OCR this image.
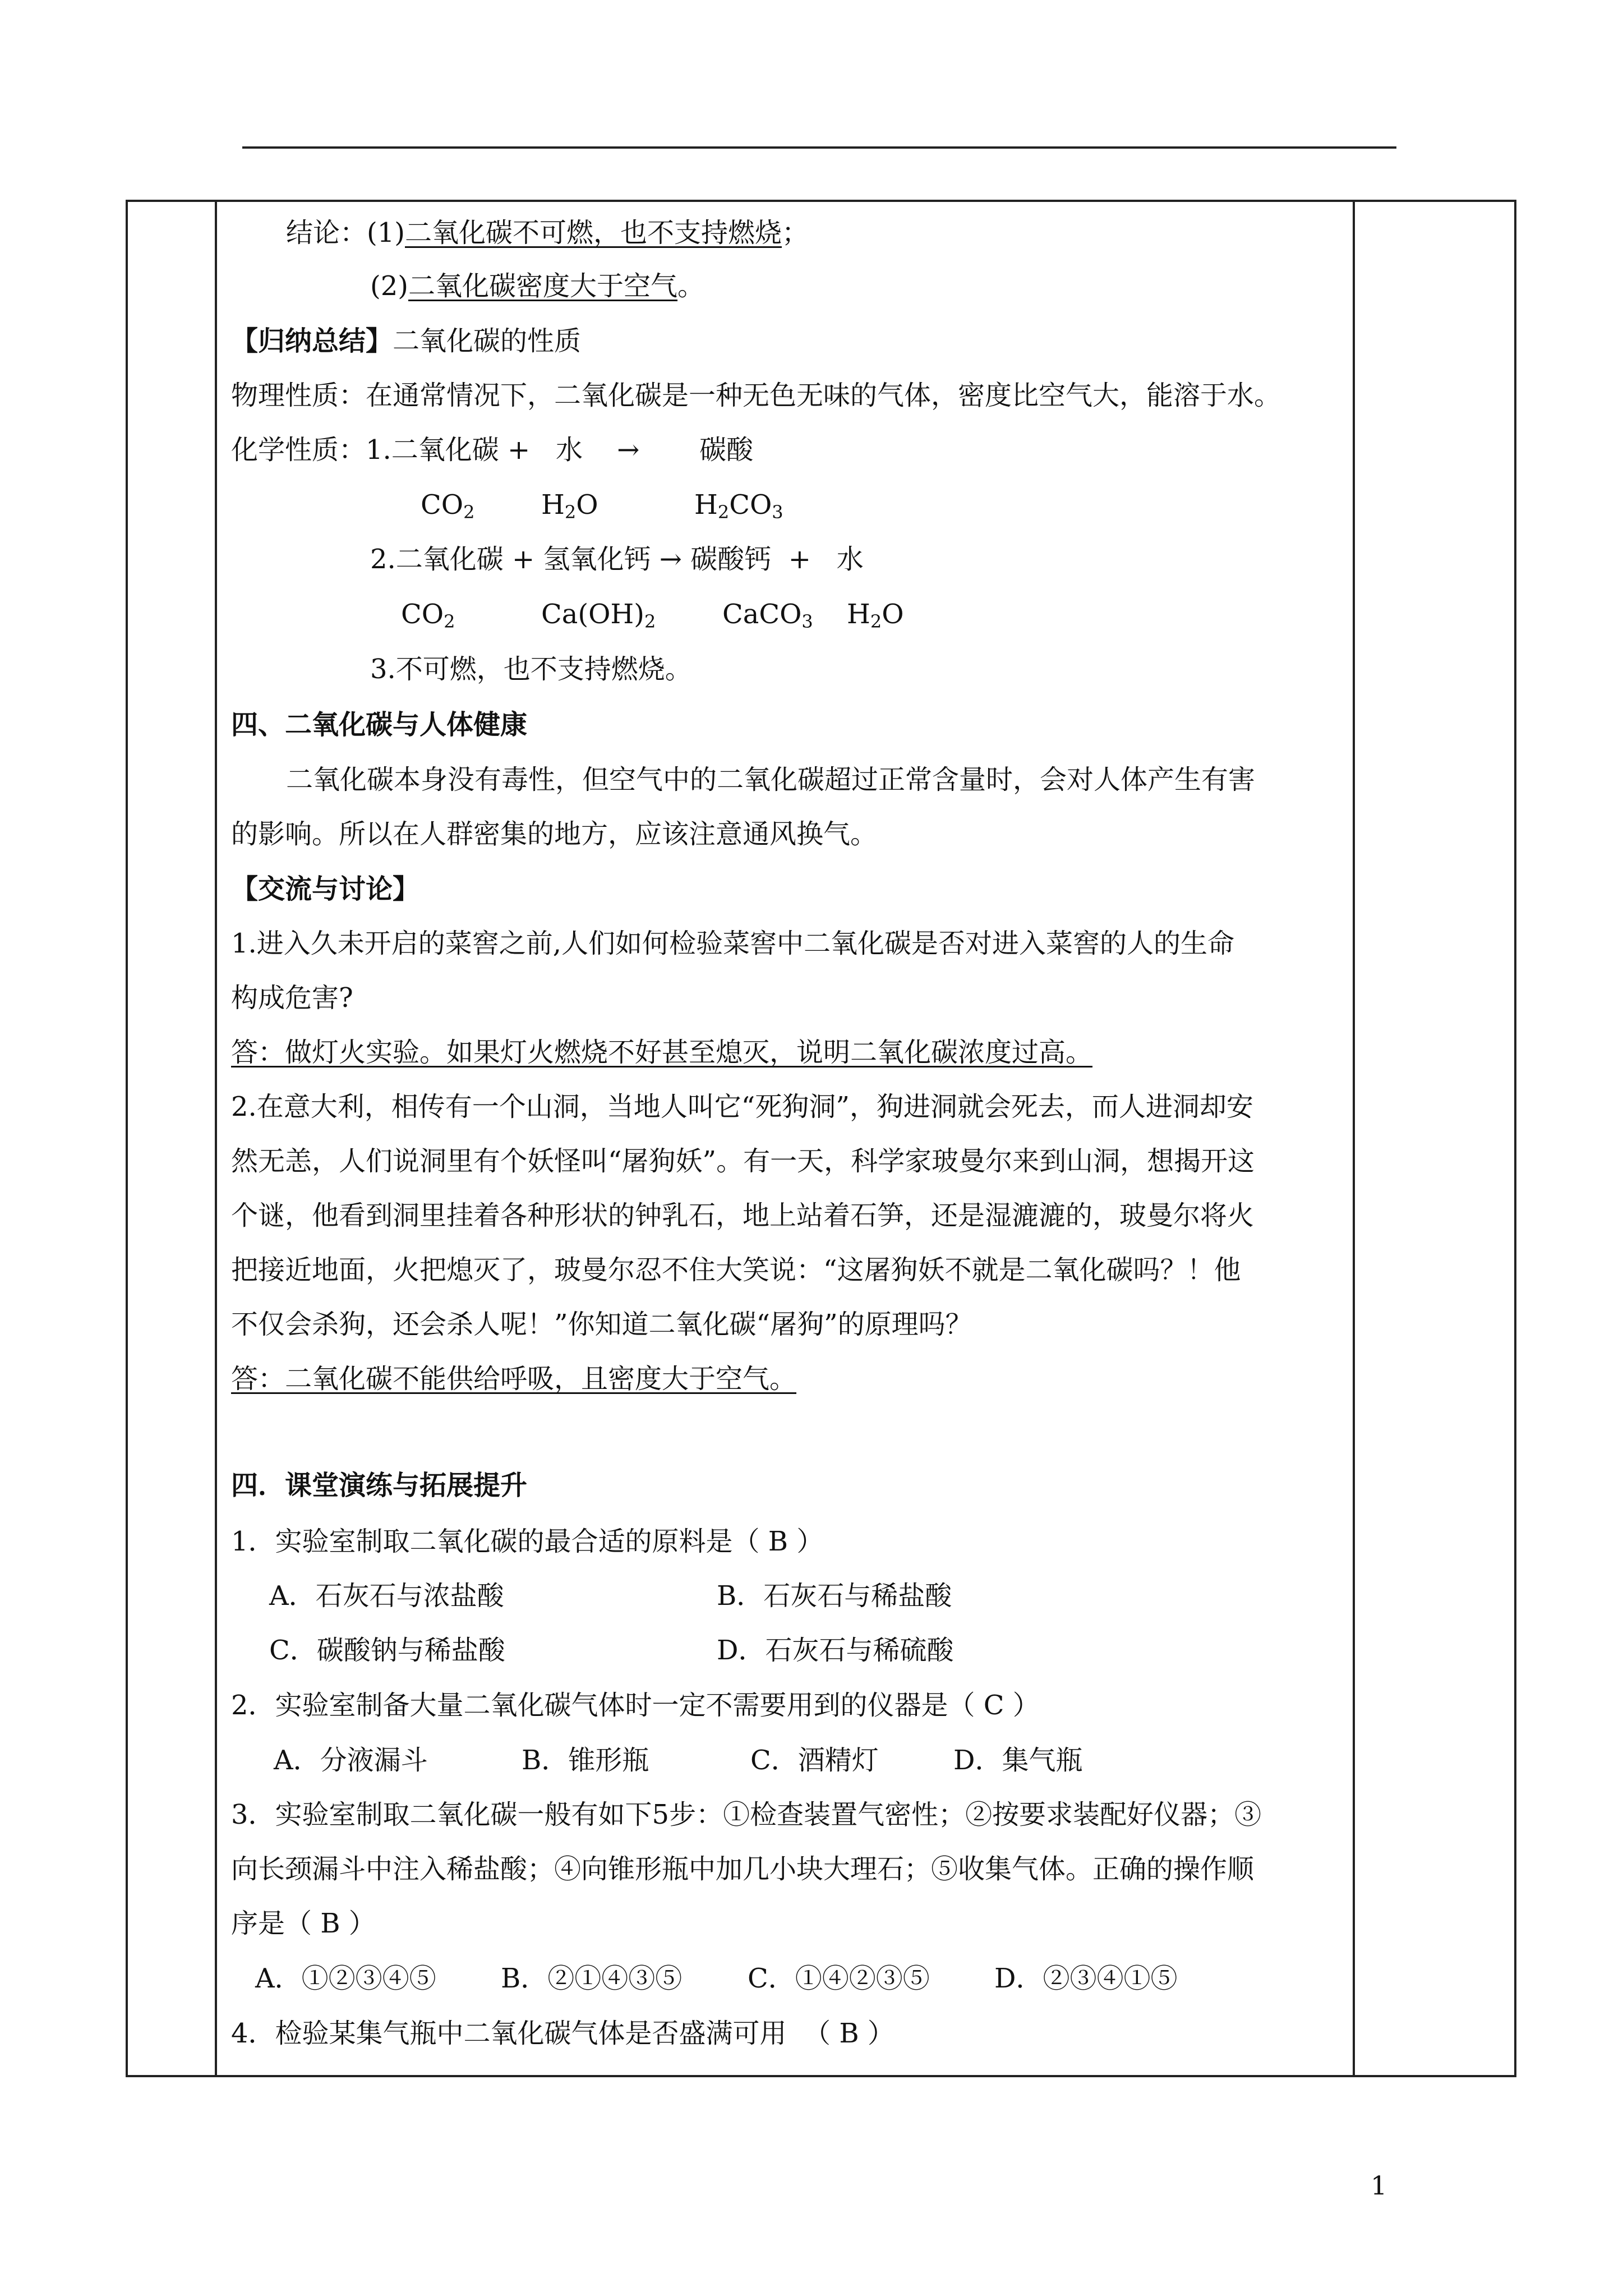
结论：(1)二氧化碳不可燃，也不支持燃烧；
(2)二氧化碳密度大于空气。
【归纳总结】二氧化碳的性质
物理性质：在通常情况下，二氧化碳是一种无色无味的气体，密度比空气大，能溶于水。
化学性质：1.二氧化碳 +   水    →       碳酸
$CO_2$ $H_2O$	$H_2CO_3$
2.二氧化碳 + 氢氧化钙 → 碳酸钙  +   水
$CO_2$	$Ca(OH)_2$ CaCO$_3$ $H_2O$
3.不可燃，也不支持燃烧。
四、二氧化碳与人体健康
二氧化碳本身没有毒性，但空气中的二氧化碳超过正常含量时，会对人体产生有害
的影响。所以在人群密集的地方，应该注意通风换气。
【交流与讨论】
1.进入久未开启的菜窖之前,人们如何检验菜窖中二氧化碳是否对进入菜窖的人的生命
构成危害?
答：做灯火实验。如果灯火燃烧不好甚至熄灭，说明二氧化碳浓度过高。
2.在意大利，相传有一个山洞，当地人叫它“死狗洞”，狗进洞就会死去，而人进洞却安
然无恙，人们说洞里有个妖怪叫“屠狗妖”。有一天，科学家玻曼尔来到山洞，想揭开这
个谜，他看到洞里挂着各种形状的钟乳石，地上站着石笋，还是湿漉漉的，玻曼尔将火
把接近地面，火把熄灭了，玻曼尔忍不住大笑说：“这屠狗妖不就是二氧化碳吗？！他
不仅会杀狗，还会杀人呢！”你知道二氧化碳“屠狗”的原理吗？
答：二氧化碳不能供给呼吸，且密度大于空气。
四．课堂演练与拓展提升
1．实验室制取二氧化碳的最合适的原料是（ B ）
A．石灰石与浓盐酸	B．石灰石与稀盐酸
C．碳酸钠与稀盐酸	D．石灰石与稀硫酸
2．实验室制备大量二氧化碳气体时一定不需要用到的仪器是（ C ）
A．分液漏斗	B．锥形瓶	C．酒精灯	D．集气瓶
3．实验室制取二氧化碳一般有如下5步：①检查装置气密性；②按要求装配好仪器；③
向长颈漏斗中注入稀盐酸；④向锥形瓶中加几小块大理石；⑤收集气体。正确的操作顺
序是（ B ）
A．①②③④⑤ B．②①④③⑤ C．①④②③⑤ D．②③④①⑤
4．检验某集气瓶中二氧化碳气体是否盛满可用  （ B ）
1
